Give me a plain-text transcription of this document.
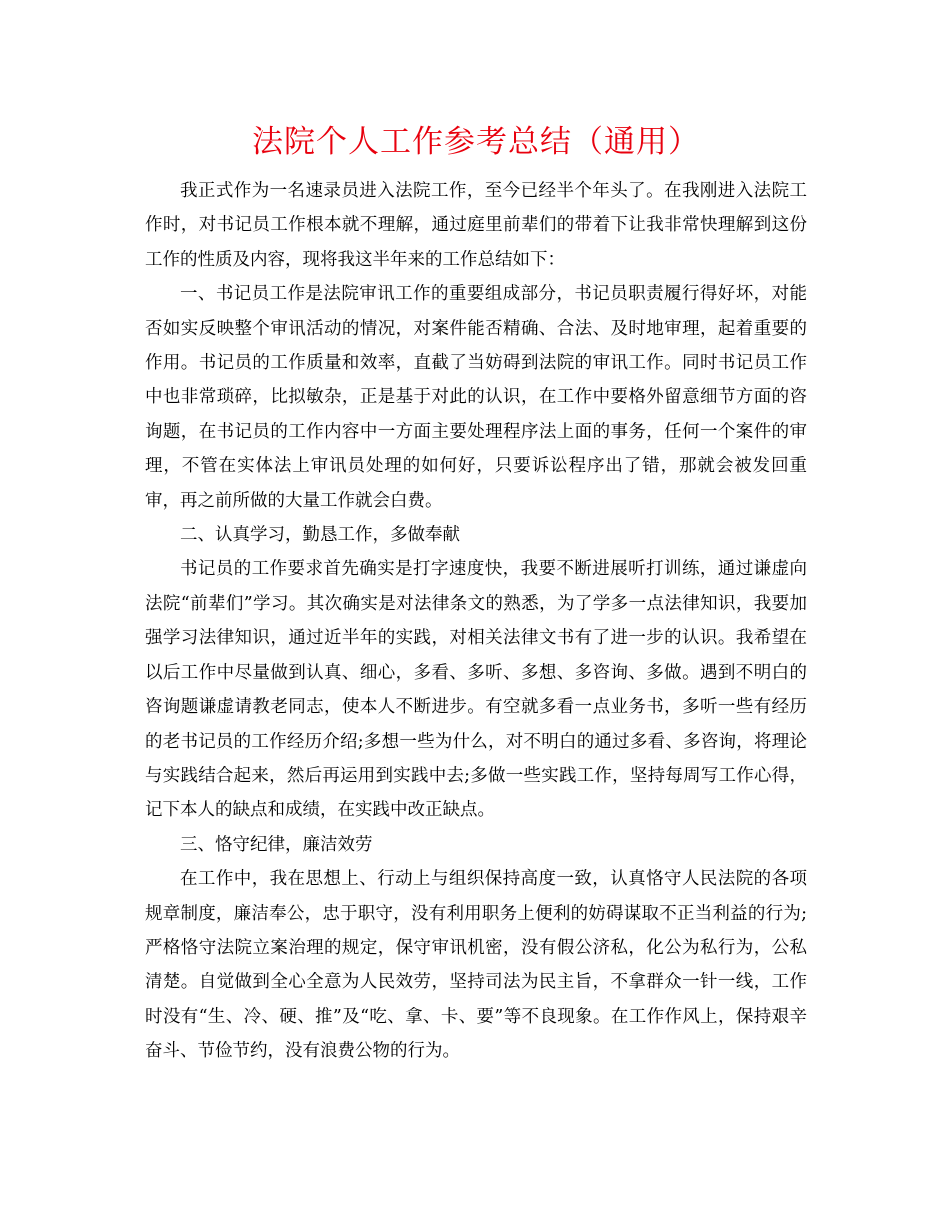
法院个人工作参考总结（通用）

我正式作为一名速录员进入法院工作，至今已经半个年头了。在我刚进入法院工作时，对书记员工作根本就不理解，通过庭里前辈们的带着下让我非常快理解到这份工作的性质及内容，现将我这半年来的工作总结如下：

一、书记员工作是法院审讯工作的重要组成部分，书记员职责履行得好坏，对能否如实反映整个审讯活动的情况，对案件能否精确、合法、及时地审理，起着重要的作用。书记员的工作质量和效率，直截了当妨碍到法院的审讯工作。同时书记员工作中也非常琐碎，比拟敏杂，正是基于对此的认识，在工作中要格外留意细节方面的咨询题，在书记员的工作内容中一方面主要处理程序法上面的事务，任何一个案件的审理，不管在实体法上审讯员处理的如何好，只要诉讼程序出了错，那就会被发回重审，再之前所做的大量工作就会白费。

二、认真学习，勤恳工作，多做奉献

书记员的工作要求首先确实是打字速度快，我要不断进展听打训练，通过谦虚向法院“前辈们”学习。其次确实是对法律条文的熟悉，为了学多一点法律知识，我要加强学习法律知识，通过近半年的实践，对相关法律文书有了进一步的认识。我希望在以后工作中尽量做到认真、细心，多看、多听、多想、多咨询、多做。遇到不明白的咨询题谦虚请教老同志，使本人不断进步。有空就多看一点业务书，多听一些有经历的老书记员的工作经历介绍;多想一些为什么，对不明白的通过多看、多咨询，将理论与实践结合起来，然后再运用到实践中去;多做一些实践工作，坚持每周写工作心得，记下本人的缺点和成绩，在实践中改正缺点。

三、恪守纪律，廉洁效劳

在工作中，我在思想上、行动上与组织保持高度一致，认真恪守人民法院的各项规章制度，廉洁奉公，忠于职守，没有利用职务上便利的妨碍谋取不正当利益的行为;严格恪守法院立案治理的规定，保守审讯机密，没有假公济私，化公为私行为，公私清楚。自觉做到全心全意为人民效劳，坚持司法为民主旨，不拿群众一针一线，工作时没有“生、冷、硬、推”及“吃、拿、卡、要”等不良现象。在工作作风上，保持艰辛奋斗、节俭节约，没有浪费公物的行为。
